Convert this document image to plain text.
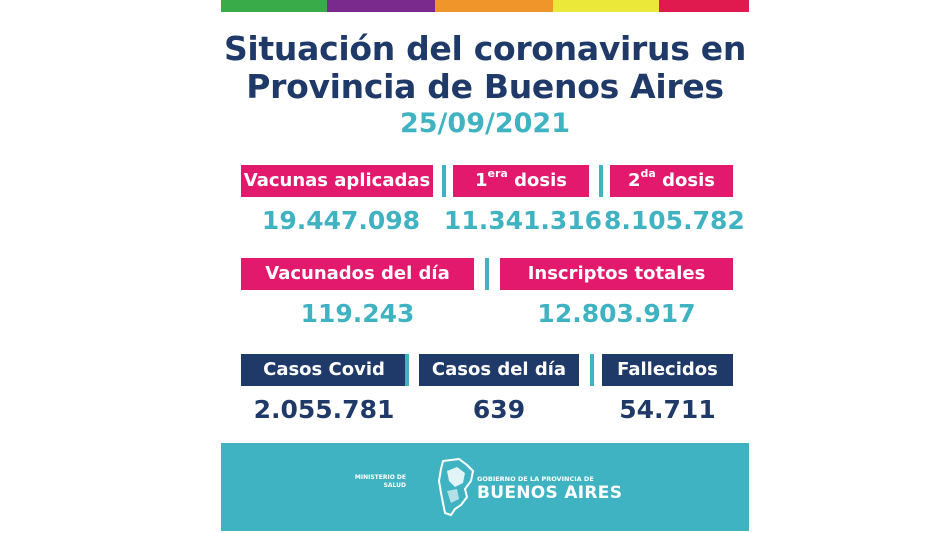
Situación del coronavirus en
Provincia de Buenos Aires
25/09/2021
Vacunas aplicadas	$1^{era}$ dosis	$2^{da}$ dosis
19.447.098 11.341.316 8.105.782
Vacunados del día	Inscriptos totales
119.243	12.803.917
Casos Covid	Casos del día	Fallecidos
2.055.781	639	54.711
MINISTERIO DE
SALUD
GOBIERNO DE LA PROVINCIA DE
BUENOS AIRES
